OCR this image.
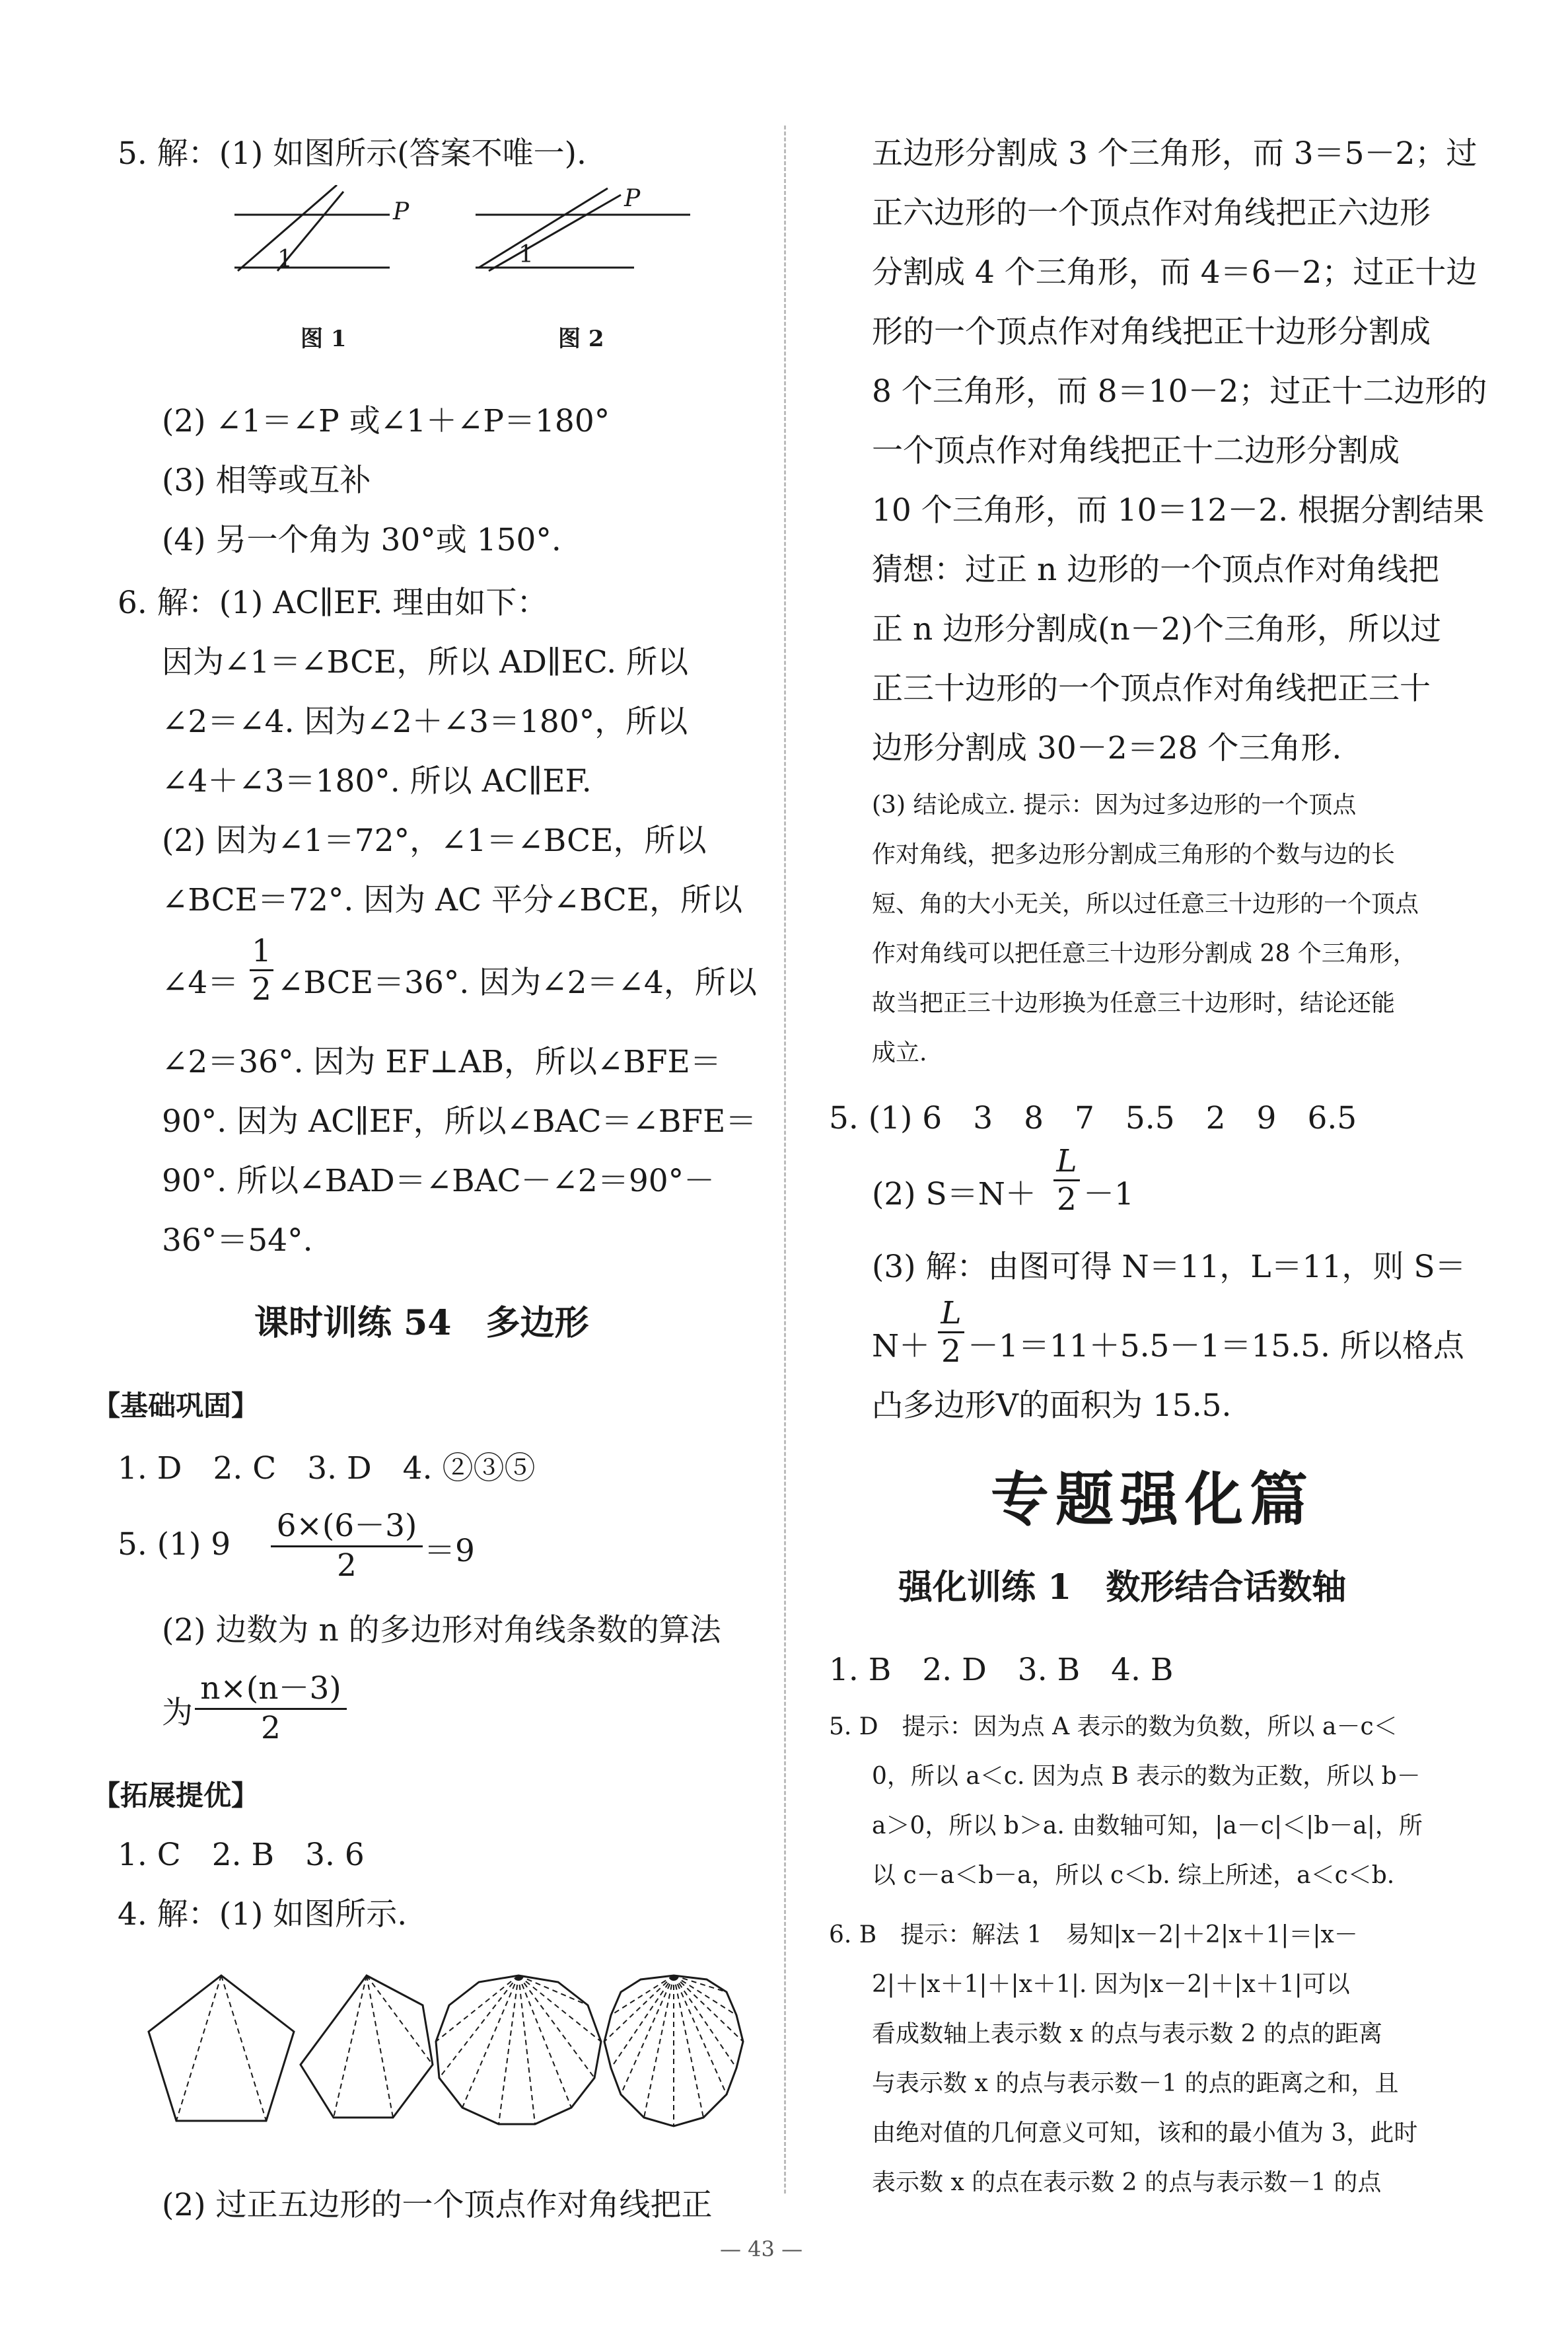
5. 解：(1) 如图所示(答案不唯一).
P
1
P
1
图 1	图 2
(2) ∠1＝∠P 或∠1＋∠P＝180°
(3) 相等或互补
(4) 另一个角为 30°或 150°.
6. 解：(1) AC∥EF. 理由如下：
因为∠1＝∠BCE，所以 AD∥EC. 所以
∠2＝∠4. 因为∠2＋∠3＝180°，所以
∠4＋∠3＝180°. 所以 AC∥EF.
(2) 因为∠1＝72°，∠1＝∠BCE，所以
∠BCE＝72°. 因为 AC 平分∠BCE，所以
∠4＝ $\frac{1}{2}$ ∠BCE＝36°. 因为∠2＝∠4，所以
∠2＝36°. 因为 EF⊥AB，所以∠BFE＝
90°. 因为 AC∥EF，所以∠BAC＝∠BFE＝
90°. 所以∠BAD＝∠BAC－∠2＝90°－
36°＝54°.
课时训练 54　多边形
【基础巩固】
1. D　2. C　3. D　4. ②③⑤
5. (1) $9 \frac{6\times(6-3)}{2} =9$
(2) 边数为 n 的多边形对角线条数的算法
为 $\frac{n\times(n-3)}{2}$
【拓展提优】
1. C　2. B　3. 6
4. 解：(1) 如图所示.
(2) 过正五边形的一个顶点作对角线把正
五边形分割成 3 个三角形，而 3＝5－2；过
正六边形的一个顶点作对角线把正六边形
分割成 4 个三角形，而 4＝6－2；过正十边
形的一个顶点作对角线把正十边形分割成
8 个三角形，而 8＝10－2；过正十二边形的
一个顶点作对角线把正十二边形分割成
10 个三角形，而 10＝12－2. 根据分割结果
猜想：过正 n 边形的一个顶点作对角线把
正 n 边形分割成(n－2)个三角形，所以过
正三十边形的一个顶点作对角线把正三十
边形分割成 30－2＝28 个三角形.
(3) 结论成立. 提示：因为过多边形的一个顶点
作对角线，把多边形分割成三角形的个数与边的长
短、角的大小无关，所以过任意三十边形的一个顶点
作对角线可以把任意三十边形分割成 28 个三角形，
故当把正三十边形换为任意三十边形时，结论还能
成立.
5. (1) 6　3　8　7　5.5　2　9　6.5
(2) $S=N+ \frac{L}{2} -1$
(3) 解：由图可得 N＝11，L＝11，则 S＝
$N+ \frac{L}{2} -1=11+5.5-1=15.5$. 所以格点
凸多边形Ⅴ的面积为 15.5.
专题强化篇
强化训练 1　数形结合话数轴
1. B　2. D　3. B　4. B
5. D　提示：因为点 A 表示的数为负数，所以 a－c＜
0，所以 a＜c. 因为点 B 表示的数为正数，所以 b－
a＞0，所以 b＞a. 由数轴可知，|a－c|＜|b－a|，所
以 c－a＜b－a，所以 c＜b. 综上所述，a＜c＜b.
6. B　提示：解法 1　易知|x－2|＋2|x＋1|＝|x－
2|＋|x＋1|＋|x＋1|. 因为|x－2|＋|x＋1|可以
看成数轴上表示数 x 的点与表示数 2 的点的距离
与表示数 x 的点与表示数－1 的点的距离之和，且
由绝对值的几何意义可知，该和的最小值为 3，此时
表示数 x 的点在表示数 2 的点与表示数－1 的点
— 43 —
